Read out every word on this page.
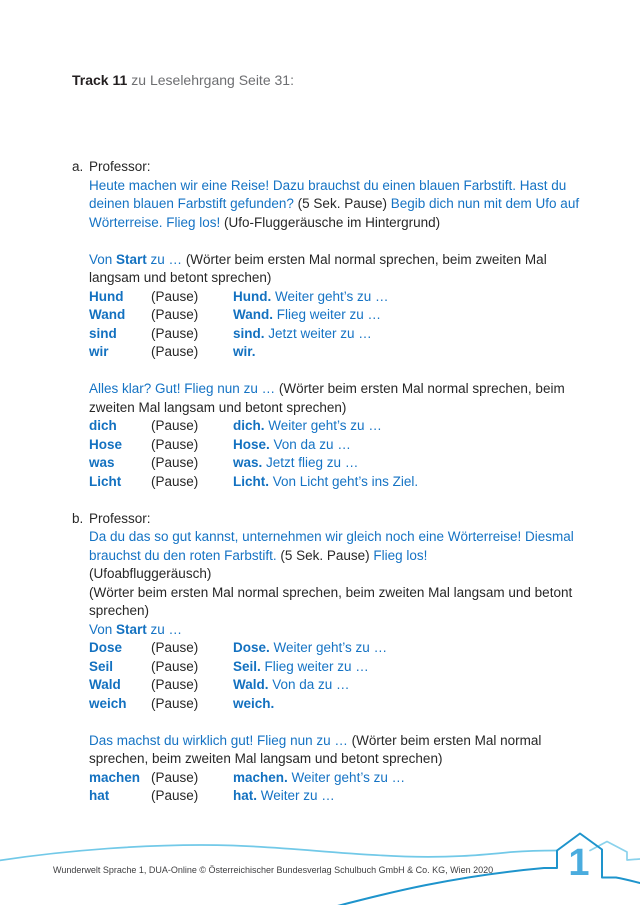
Track 11 zu Leselehrgang Seite 31:
a. Professor:
Heute machen wir eine Reise! Dazu brauchst du einen blauen Farbstift. Hast du deinen blauen Farbstift gefunden? (5 Sek. Pause) Begib dich nun mit dem Ufo auf Wörterreise. Flieg los! (Ufo-Fluggeräusche im Hintergrund)
Von Start zu … (Wörter beim ersten Mal normal sprechen, beim zweiten Mal langsam und betont sprechen)
Hund	(Pause)	Hund. Weiter geht’s zu …
Wand	(Pause)	Wand. Flieg weiter zu …
sind	(Pause)	sind. Jetzt weiter zu …
wir	(Pause)	wir.
Alles klar? Gut! Flieg nun zu … (Wörter beim ersten Mal normal sprechen, beim zweiten Mal langsam und betont sprechen)
dich	(Pause)	dich. Weiter geht’s zu …
Hose	(Pause)	Hose. Von da zu …
was	(Pause)	was. Jetzt flieg zu …
Licht	(Pause)	Licht. Von Licht geht’s ins Ziel.
b. Professor:
Da du das so gut kannst, unternehmen wir gleich noch eine Wörterreise! Diesmal brauchst du den roten Farbstift. (5 Sek. Pause) Flieg los!
(Ufoabfluggeräusch)
(Wörter beim ersten Mal normal sprechen, beim zweiten Mal langsam und betont sprechen)
Von Start zu …
Dose	(Pause)	Dose. Weiter geht’s zu …
Seil	(Pause)	Seil. Flieg weiter zu …
Wald	(Pause)	Wald. Von da zu …
weich	(Pause)	weich.
Das machst du wirklich gut! Flieg nun zu … (Wörter beim ersten Mal normal sprechen, beim zweiten Mal langsam und betont sprechen)
machen (Pause)	machen. Weiter geht’s zu …
hat	(Pause)	hat. Weiter zu …
Wunderwelt Sprache 1, DUA-Online © Österreichischer Bundesverlag Schulbuch GmbH & Co. KG, Wien 2020	1
